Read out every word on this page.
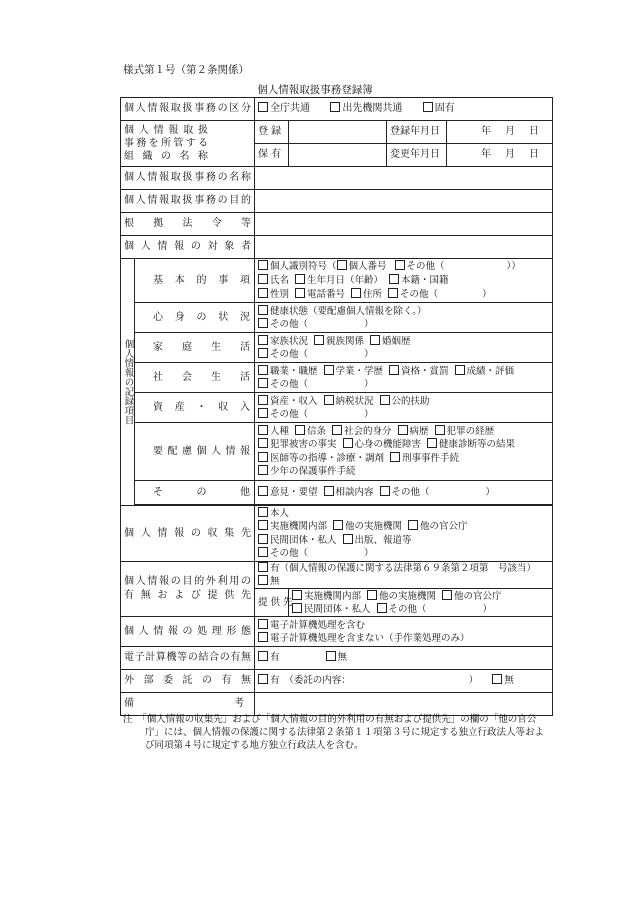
様式第１号（第２条関係）
個人情報取扱事務登録簿
個人情報取扱事務の区分		全庁共通 出先機関共通 固有			

個人情報取扱
事務を所管する
組 織 の 名 称		登 録		登録年月日	年 月 日
		保 有		変更年月日	年 月 日
個人情報取扱事務の名称					
個人情報取扱事務の目的					
根 拠 法 令 等					
個 人 情 報 の 対 象 者					
個人情報の記録項目	基 本 的 事 項	個人識別符号（ 個人番号 その他（ ））
氏名 生年月日（年齢） 本籍・国籍
性別 電話番号 住所 その他（ ）			

	心 身 の 状 況	健康状態（要配慮個人情報を除く。）
その他（ ）			

	家 庭 生 活	家族状況 親族関係 婚姻歴
その他（ ）			

	社 会 生 活	職業・職歴 学業・学歴 資格・賞罰 成績・評価
その他（ ）			

	資 産 ・ 収 入	資産・収入 納税状況 公的扶助
その他（ ）			

	要配慮個人情報	人種 信条 社会的身分 病歴 犯罪の経歴
犯罪被害の事実 心身の機能障害 健康診断等の結果
医師等の指導・診療・調剤 刑事事件手続
少年の保護事件手続			

	そ の 他	意見・要望 相談内容 その他（ ）			

個 人 情 報 の 収 集 先		本人
実施機関内部 他の実施機関 他の官公庁
民間団体・私人 出版、報道等
その他（ ）			

個人情報の目的外利用の
有 無 お よ び 提 供 先		有（個人情報の保護に関する法律第６９条第２項第　号該当）
無			

		提 供 先	実施機関内部 他の実施機関 他の官公庁
民間団体・私人 その他（ ）		

個 人 情 報 の 処 理 形 態		電子計算機処理を含む
電子計算機処理を含まない（手作業処理のみ）			

電子計算機等の結合の有無		有 無			
外 部 委 託 の 有 無		有　（委託の内容： ） 無			
備　　　　　　　　　　考					
注　「個人情報の収集先」および「個人情報の目的外利用の有無および提供先」の欄の「他の官公
庁」には、個人情報の保護に関する法律第２条第１１項第３号に規定する独立行政法人等およ
び同項第４号に規定する地方独立行政法人を含む。
